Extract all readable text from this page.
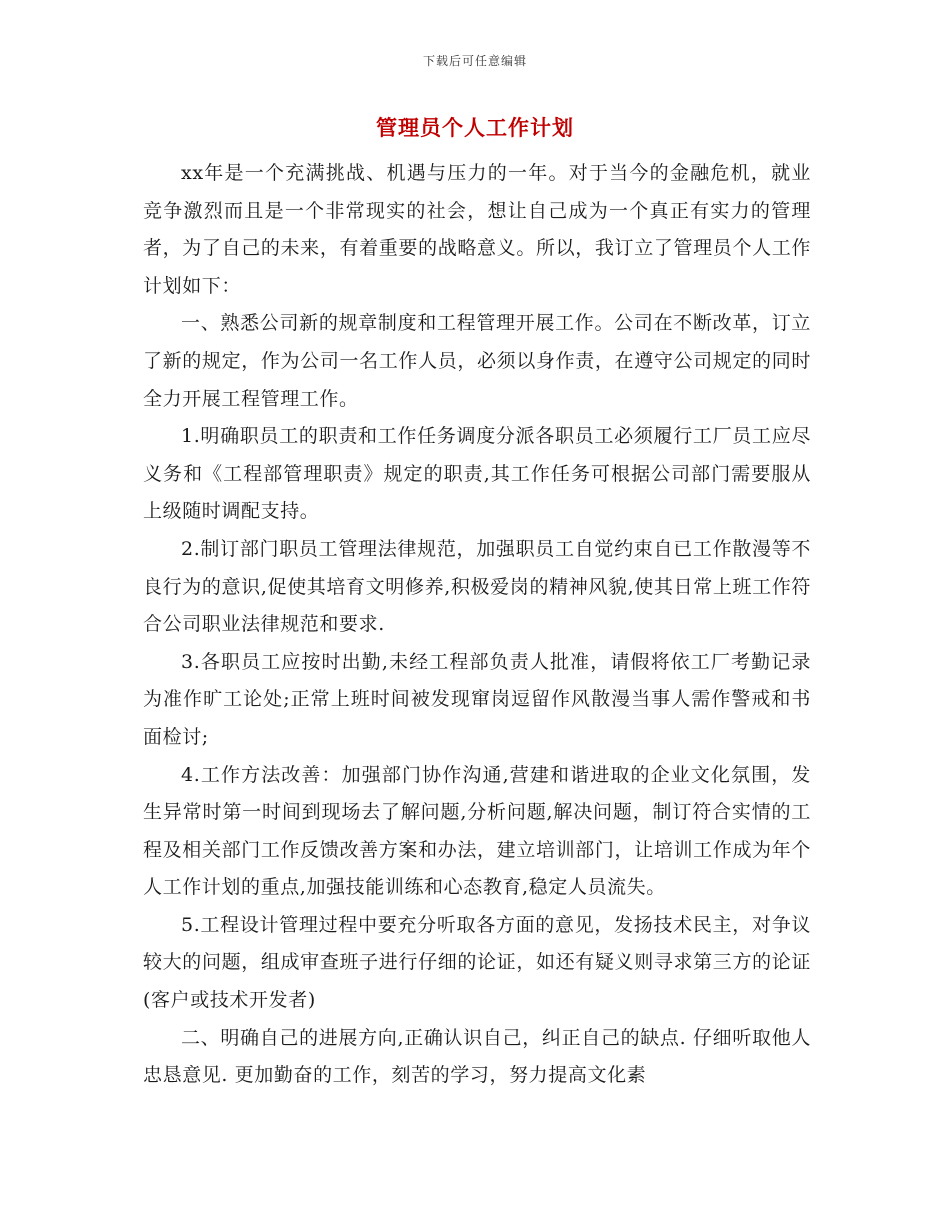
下载后可任意编辑
管理员个人工作计划

xx年是一个充满挑战、机遇与压力的一年。对于当今的金融危机，就业竞争激烈而且是一个非常现实的社会，想让自己成为一个真正有实力的管理者，为了自己的未来，有着重要的战略意义。所以，我订立了管理员个人工作计划如下：

一、熟悉公司新的规章制度和工程管理开展工作。公司在不断改革，订立了新的规定，作为公司一名工作人员，必须以身作责，在遵守公司规定的同时全力开展工程管理工作。

1.明确职员工的职责和工作任务调度分派各职员工必须履行工厂员工应尽义务和《工程部管理职责》规定的职责,其工作任务可根据公司部门需要服从上级随时调配支持。

2.制订部门职员工管理法律规范，加强职员工自觉约束自已工作散漫等不良行为的意识,促使其培育文明修养,积极爱岗的精神风貌,使其日常上班工作符合公司职业法律规范和要求.

3.各职员工应按时出勤,未经工程部负责人批准，请假将依工厂考勤记录为准作旷工论处;正常上班时间被发现窜岗逗留作风散漫当事人需作警戒和书面检讨;

4.工作方法改善：加强部门协作沟通,营建和谐进取的企业文化氛围，发生异常时第一时间到现场去了解问题,分析问题,解决问题，制订符合实情的工程及相关部门工作反馈改善方案和办法，建立培训部门，让培训工作成为年个人工作计划的重点,加强技能训练和心态教育,稳定人员流失。

5.工程设计管理过程中要充分听取各方面的意见，发扬技术民主，对争议较大的问题，组成审查班子进行仔细的论证，如还有疑义则寻求第三方的论证(客户或技术开发者)

二、明确自己的进展方向,正确认识自己，纠正自己的缺点. 仔细听取他人忠恳意见. 更加勤奋的工作，刻苦的学习，努力提高文化素
